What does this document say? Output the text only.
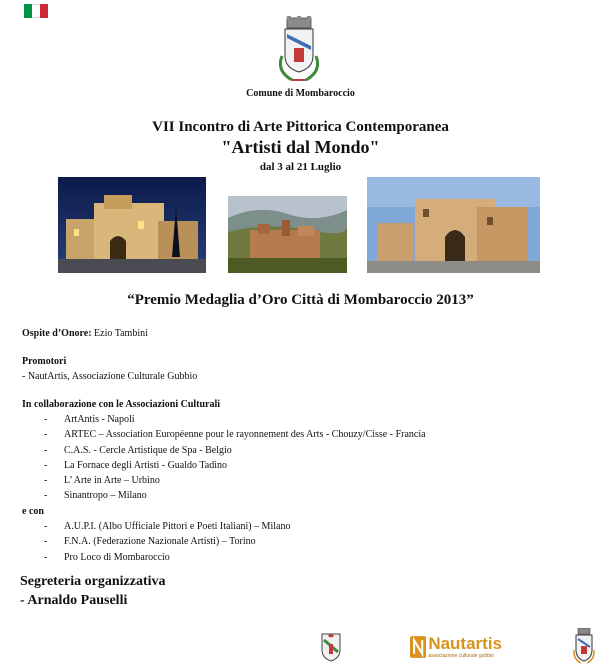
Comune di Mombaroccio
VII Incontro di Arte Pittorica Contemporanea
"Artisti dal Mondo"
dal 3 al 21 Luglio
“Premio Medaglia d’Oro Città di Mombaroccio 2013”
Ospite d’Onore: Ezio Tambini
Promotori
- NautArtis, Associazione Culturale Gubbio
In collaborazione con le Associazioni Culturali
- ArtAntis - Napoli
- ARTEC – Association Européenne pour le rayonnement des Arts - Chouzy/Cisse - Francia
- C.A.S. - Cercle Artistique de Spa - Belgio
- La Fornace degli Artisti - Gualdo Tadino
- L’ Arte in Arte – Urbino
- Sinantropo – Milano
e con
- A.U.P.I. (Albo Ufficiale Pittori e Poeti Italiani) – Milano
- F.N.A. (Federazione Nazionale Artisti) – Torino
- Pro Loco di Mombaroccio
Segreteria organizzativa
- Arnaldo Pauselli
Nautartis
associazione culturale gubbio
